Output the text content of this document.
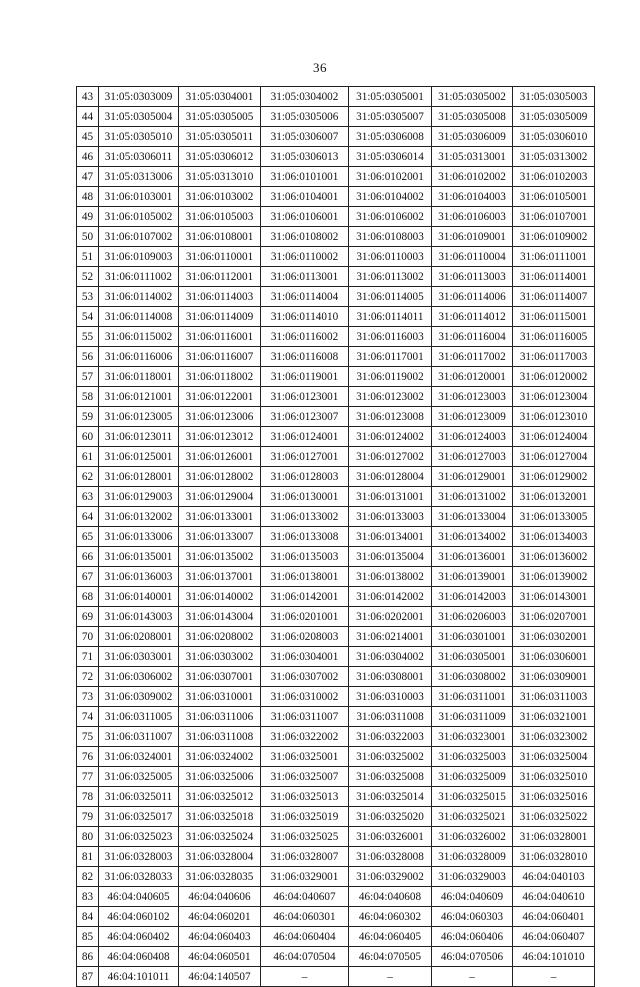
36
43	31:05:0303009	31:05:0304001	31:05:0304002	31:05:0305001	31:05:0305002	31:05:0305003
44	31:05:0305004	31:05:0305005	31:05:0305006	31:05:0305007	31:05:0305008	31:05:0305009
45	31:05:0305010	31:05:0305011	31:05:0306007	31:05:0306008	31:05:0306009	31:05:0306010
46	31:05:0306011	31:05:0306012	31:05:0306013	31:05:0306014	31:05:0313001	31:05:0313002
47	31:05:0313006	31:05:0313010	31:06:0101001	31:06:0102001	31:06:0102002	31:06:0102003
48	31:06:0103001	31:06:0103002	31:06:0104001	31:06:0104002	31:06:0104003	31:06:0105001
49	31:06:0105002	31:06:0105003	31:06:0106001	31:06:0106002	31:06:0106003	31:06:0107001
50	31:06:0107002	31:06:0108001	31:06:0108002	31:06:0108003	31:06:0109001	31:06:0109002
51	31:06:0109003	31:06:0110001	31:06:0110002	31:06:0110003	31:06:0110004	31:06:0111001
52	31:06:0111002	31:06:0112001	31:06:0113001	31:06:0113002	31:06:0113003	31:06:0114001
53	31:06:0114002	31:06:0114003	31:06:0114004	31:06:0114005	31:06:0114006	31:06:0114007
54	31:06:0114008	31:06:0114009	31:06:0114010	31:06:0114011	31:06:0114012	31:06:0115001
55	31:06:0115002	31:06:0116001	31:06:0116002	31:06:0116003	31:06:0116004	31:06:0116005
56	31:06:0116006	31:06:0116007	31:06:0116008	31:06:0117001	31:06:0117002	31:06:0117003
57	31:06:0118001	31:06:0118002	31:06:0119001	31:06:0119002	31:06:0120001	31:06:0120002
58	31:06:0121001	31:06:0122001	31:06:0123001	31:06:0123002	31:06:0123003	31:06:0123004
59	31:06:0123005	31:06:0123006	31:06:0123007	31:06:0123008	31:06:0123009	31:06:0123010
60	31:06:0123011	31:06:0123012	31:06:0124001	31:06:0124002	31:06:0124003	31:06:0124004
61	31:06:0125001	31:06:0126001	31:06:0127001	31:06:0127002	31:06:0127003	31:06:0127004
62	31:06:0128001	31:06:0128002	31:06:0128003	31:06:0128004	31:06:0129001	31:06:0129002
63	31:06:0129003	31:06:0129004	31:06:0130001	31:06:0131001	31:06:0131002	31:06:0132001
64	31:06:0132002	31:06:0133001	31:06:0133002	31:06:0133003	31:06:0133004	31:06:0133005
65	31:06:0133006	31:06:0133007	31:06:0133008	31:06:0134001	31:06:0134002	31:06:0134003
66	31:06:0135001	31:06:0135002	31:06:0135003	31:06:0135004	31:06:0136001	31:06:0136002
67	31:06:0136003	31:06:0137001	31:06:0138001	31:06:0138002	31:06:0139001	31:06:0139002
68	31:06:0140001	31:06:0140002	31:06:0142001	31:06:0142002	31:06:0142003	31:06:0143001
69	31:06:0143003	31:06:0143004	31:06:0201001	31:06:0202001	31:06:0206003	31:06:0207001
70	31:06:0208001	31:06:0208002	31:06:0208003	31:06:0214001	31:06:0301001	31:06:0302001
71	31:06:0303001	31:06:0303002	31:06:0304001	31:06:0304002	31:06:0305001	31:06:0306001
72	31:06:0306002	31:06:0307001	31:06:0307002	31:06:0308001	31:06:0308002	31:06:0309001
73	31:06:0309002	31:06:0310001	31:06:0310002	31:06:0310003	31:06:0311001	31:06:0311003
74	31:06:0311005	31:06:0311006	31:06:0311007	31:06:0311008	31:06:0311009	31:06:0321001
75	31:06:0311007	31:06:0311008	31:06:0322002	31:06:0322003	31:06:0323001	31:06:0323002
76	31:06:0324001	31:06:0324002	31:06:0325001	31:06:0325002	31:06:0325003	31:06:0325004
77	31:06:0325005	31:06:0325006	31:06:0325007	31:06:0325008	31:06:0325009	31:06:0325010
78	31:06:0325011	31:06:0325012	31:06:0325013	31:06:0325014	31:06:0325015	31:06:0325016
79	31:06:0325017	31:06:0325018	31:06:0325019	31:06:0325020	31:06:0325021	31:06:0325022
80	31:06:0325023	31:06:0325024	31:06:0325025	31:06:0326001	31:06:0326002	31:06:0328001
81	31:06:0328003	31:06:0328004	31:06:0328007	31:06:0328008	31:06:0328009	31:06:0328010
82	31:06:0328033	31:06:0328035	31:06:0329001	31:06:0329002	31:06:0329003	46:04:040103
83	46:04:040605	46:04:040606	46:04:040607	46:04:040608	46:04:040609	46:04:040610
84	46:04:060102	46:04:060201	46:04:060301	46:04:060302	46:04:060303	46:04:060401
85	46:04:060402	46:04:060403	46:04:060404	46:04:060405	46:04:060406	46:04:060407
86	46:04:060408	46:04:060501	46:04:070504	46:04:070505	46:04:070506	46:04:101010
87	46:04:101011	46:04:140507	–	–	–	–
